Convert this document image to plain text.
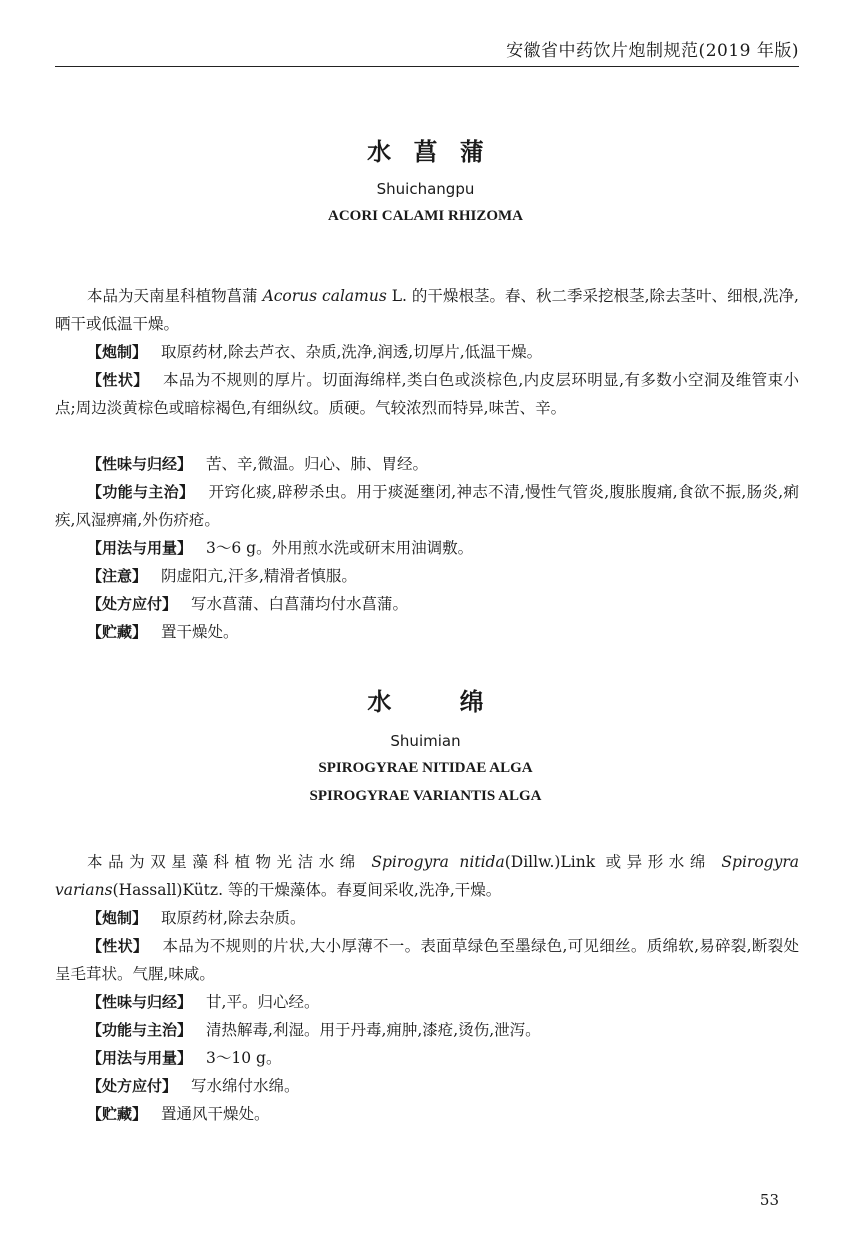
安徽省中药饮片炮制规范(2019 年版)
水 菖 蒲
Shuichangpu
ACORI CALAMI RHIZOMA

本品为天南星科植物菖蒲 Acorus calamus L. 的干燥根茎。春、秋二季采挖根茎,除去茎叶、细根,洗净,晒干或低温干燥。

【炮制】 取原药材,除去芦衣、杂质,洗净,润透,切厚片,低温干燥。

【性状】 本品为不规则的厚片。切面海绵样,类白色或淡棕色,内皮层环明显,有多数小空洞及维管束小点;周边淡黄棕色或暗棕褐色,有细纵纹。质硬。气较浓烈而特异,味苦、辛。

【性味与归经】 苦、辛,微温。归心、肺、胃经。

【功能与主治】 开窍化痰,辟秽杀虫。用于痰涎壅闭,神志不清,慢性气管炎,腹胀腹痛,食欲不振,肠炎,痢疾,风湿痹痛,外伤疥疮。

【用法与用量】 3～6 g。外用煎水洗或研末用油调敷。

【注意】 阴虚阳亢,汗多,精滑者慎服。

【处方应付】 写水菖蒲、白菖蒲均付水菖蒲。

【贮藏】 置干燥处。

水 绵
Shuimian
SPIROGYRAE NITIDAE ALGA
SPIROGYRAE VARIANTIS ALGA

本品为双星藻科植物光洁水绵 Spirogyra nitida(Dillw.)Link 或异形水绵 Spirogyra varians(Hassall)Kütz. 等的干燥藻体。春夏间采收,洗净,干燥。

【炮制】 取原药材,除去杂质。

【性状】 本品为不规则的片状,大小厚薄不一。表面草绿色至墨绿色,可见细丝。质绵软,易碎裂,断裂处呈毛茸状。气腥,味咸。

【性味与归经】 甘,平。归心经。

【功能与主治】 清热解毒,利湿。用于丹毒,痈肿,漆疮,烫伤,泄泻。

【用法与用量】 3～10 g。

【处方应付】 写水绵付水绵。

【贮藏】 置通风干燥处。

53
